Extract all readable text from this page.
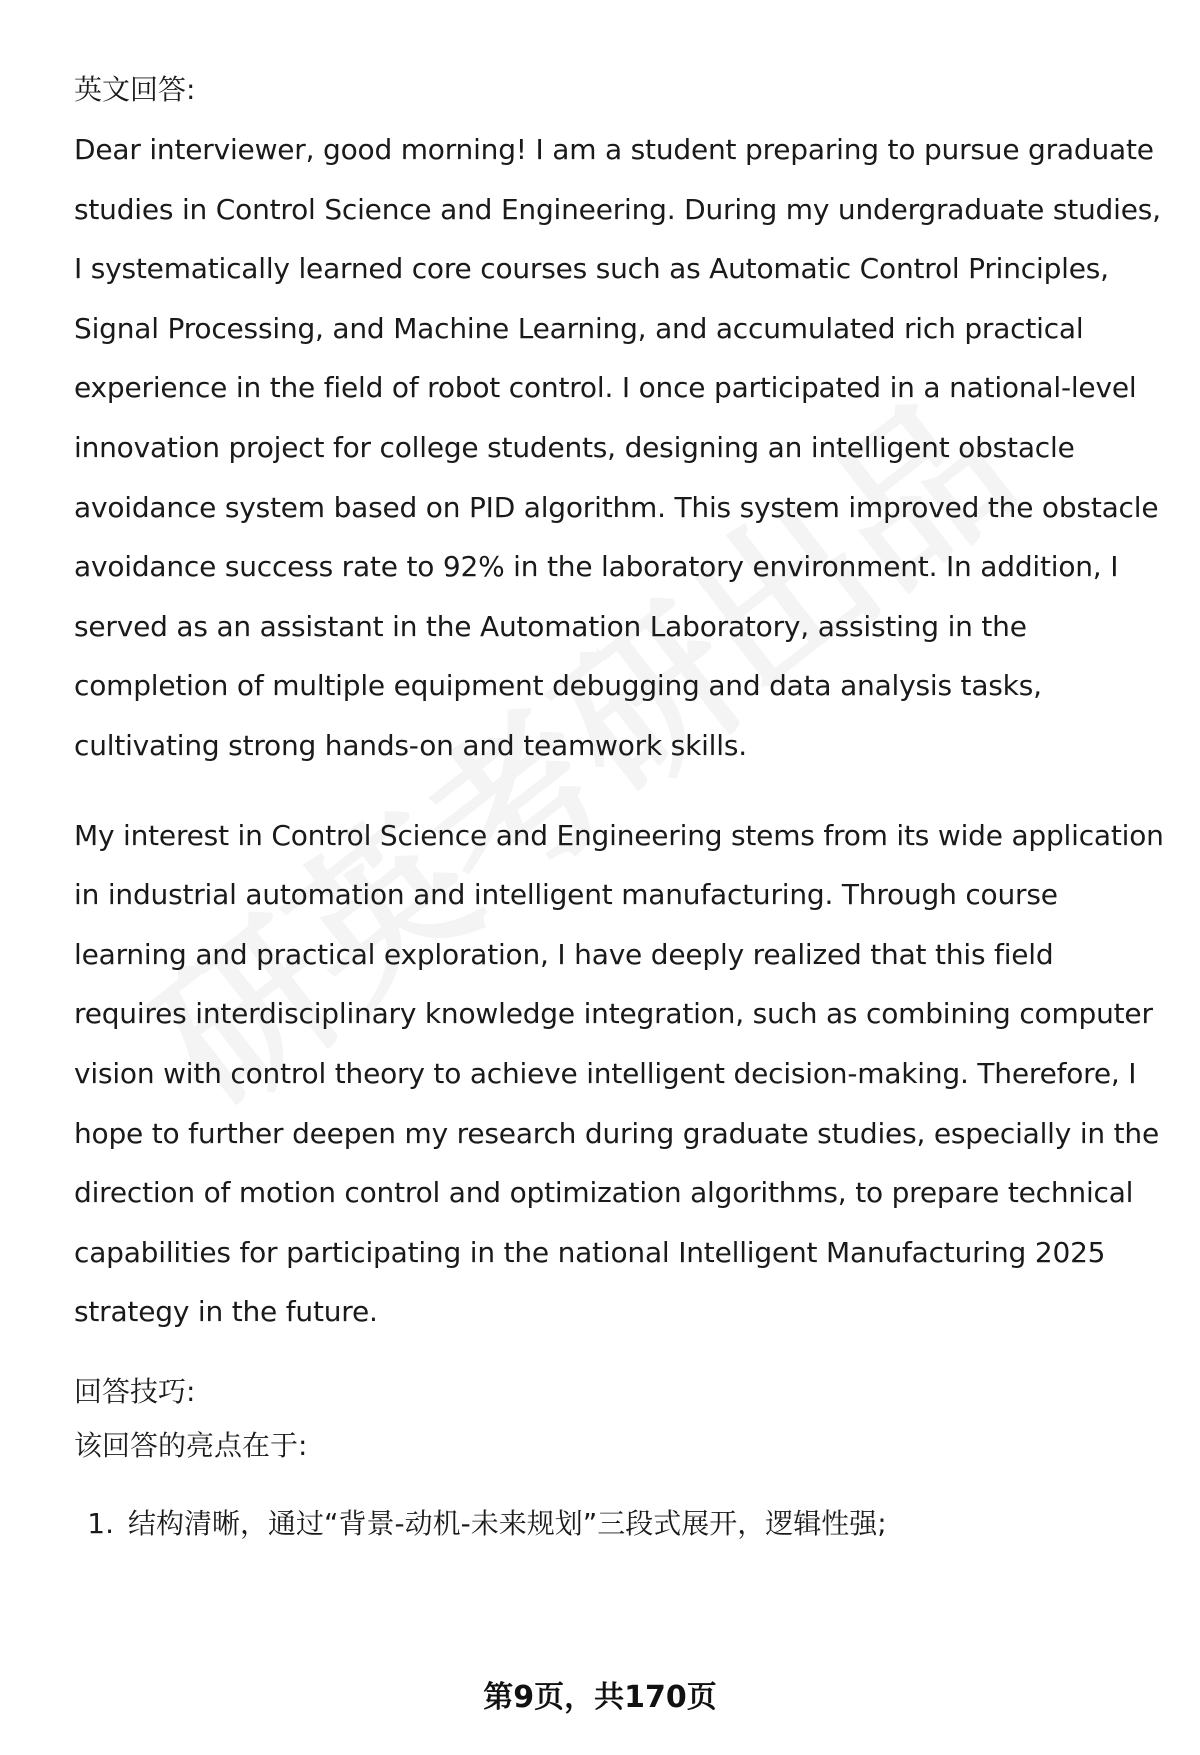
英文回答:

Dear interviewer, good morning! I am a student preparing to pursue graduate studies in Control Science and Engineering. During my undergraduate studies, I systematically learned core courses such as Automatic Control Principles, Signal Processing, and Machine Learning, and accumulated rich practical experience in the field of robot control. I once participated in a national-level innovation project for college students, designing an intelligent obstacle avoidance system based on PID algorithm. This system improved the obstacle avoidance success rate to 92% in the laboratory environment. In addition, I served as an assistant in the Automation Laboratory, assisting in the completion of multiple equipment debugging and data analysis tasks, cultivating strong hands-on and teamwork skills.

My interest in Control Science and Engineering stems from its wide application in industrial automation and intelligent manufacturing. Through course learning and practical exploration, I have deeply realized that this field requires interdisciplinary knowledge integration, such as combining computer vision with control theory to achieve intelligent decision-making. Therefore, I hope to further deepen my research during graduate studies, especially in the direction of motion control and optimization algorithms, to prepare technical capabilities for participating in the national Intelligent Manufacturing 2025 strategy in the future.

回答技巧:

该回答的亮点在于:

1. 结构清晰，通过“背景-动机-未来规划”三段式展开，逻辑性强;
第9页，共170页
